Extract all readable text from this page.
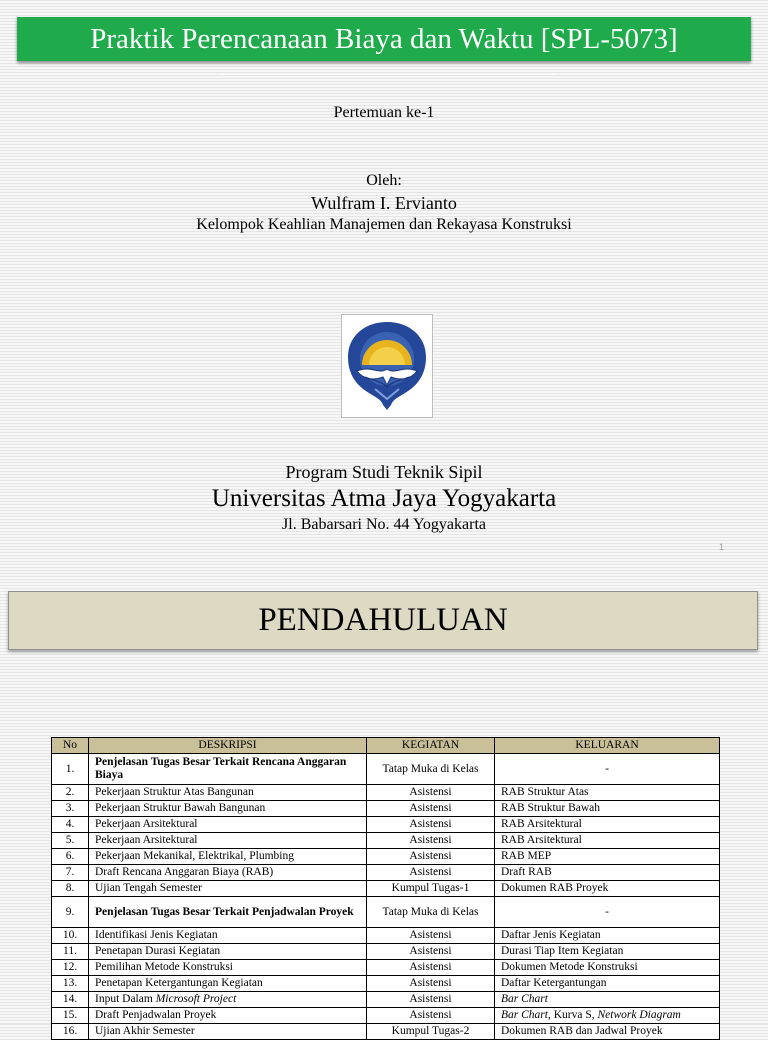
Praktik Perencanaan Biaya dan Waktu [SPL-5073]
Pertemuan ke-1
Oleh:
Wulfram I. Ervianto
Kelompok Keahlian Manajemen dan Rekayasa Konstruksi
Program Studi Teknik Sipil
Universitas Atma Jaya Yogyakarta
Jl. Babarsari No. 44 Yogyakarta
1
PENDAHULUAN
No	DESKRIPSI	KEGIATAN	KELUARAN
1.	Penjelasan Tugas Besar Terkait Rencana Anggaran Biaya	Tatap Muka di Kelas	-
2.	Pekerjaan Struktur Atas Bangunan	Asistensi	RAB Struktur Atas
3.	Pekerjaan Struktur Bawah Bangunan	Asistensi	RAB Struktur Bawah
4.	Pekerjaan Arsitektural	Asistensi	RAB Arsitektural
5.	Pekerjaan Arsitektural	Asistensi	RAB Arsitektural
6.	Pekerjaan Mekanikal, Elektrikal, Plumbing	Asistensi	RAB MEP
7.	Draft Rencana Anggaran Biaya (RAB)	Asistensi	Draft RAB
8.	Ujian Tengah Semester	Kumpul Tugas-1	Dokumen RAB Proyek
9.	Penjelasan Tugas Besar Terkait Penjadwalan Proyek	Tatap Muka di Kelas	-
10.	Identifikasi Jenis Kegiatan	Asistensi	Daftar Jenis Kegiatan
11.	Penetapan Durasi Kegiatan	Asistensi	Durasi Tiap Item Kegiatan
12.	Pemilihan Metode Konstruksi	Asistensi	Dokumen Metode Konstruksi
13.	Penetapan Ketergantungan Kegiatan	Asistensi	Daftar Ketergantungan
14.	Input Dalam Microsoft Project	Asistensi	Bar Chart
15.	Draft Penjadwalan Proyek	Asistensi	Bar Chart, Kurva S, Network Diagram
16.	Ujian Akhir Semester	Kumpul Tugas-2	Dokumen RAB dan Jadwal Proyek
